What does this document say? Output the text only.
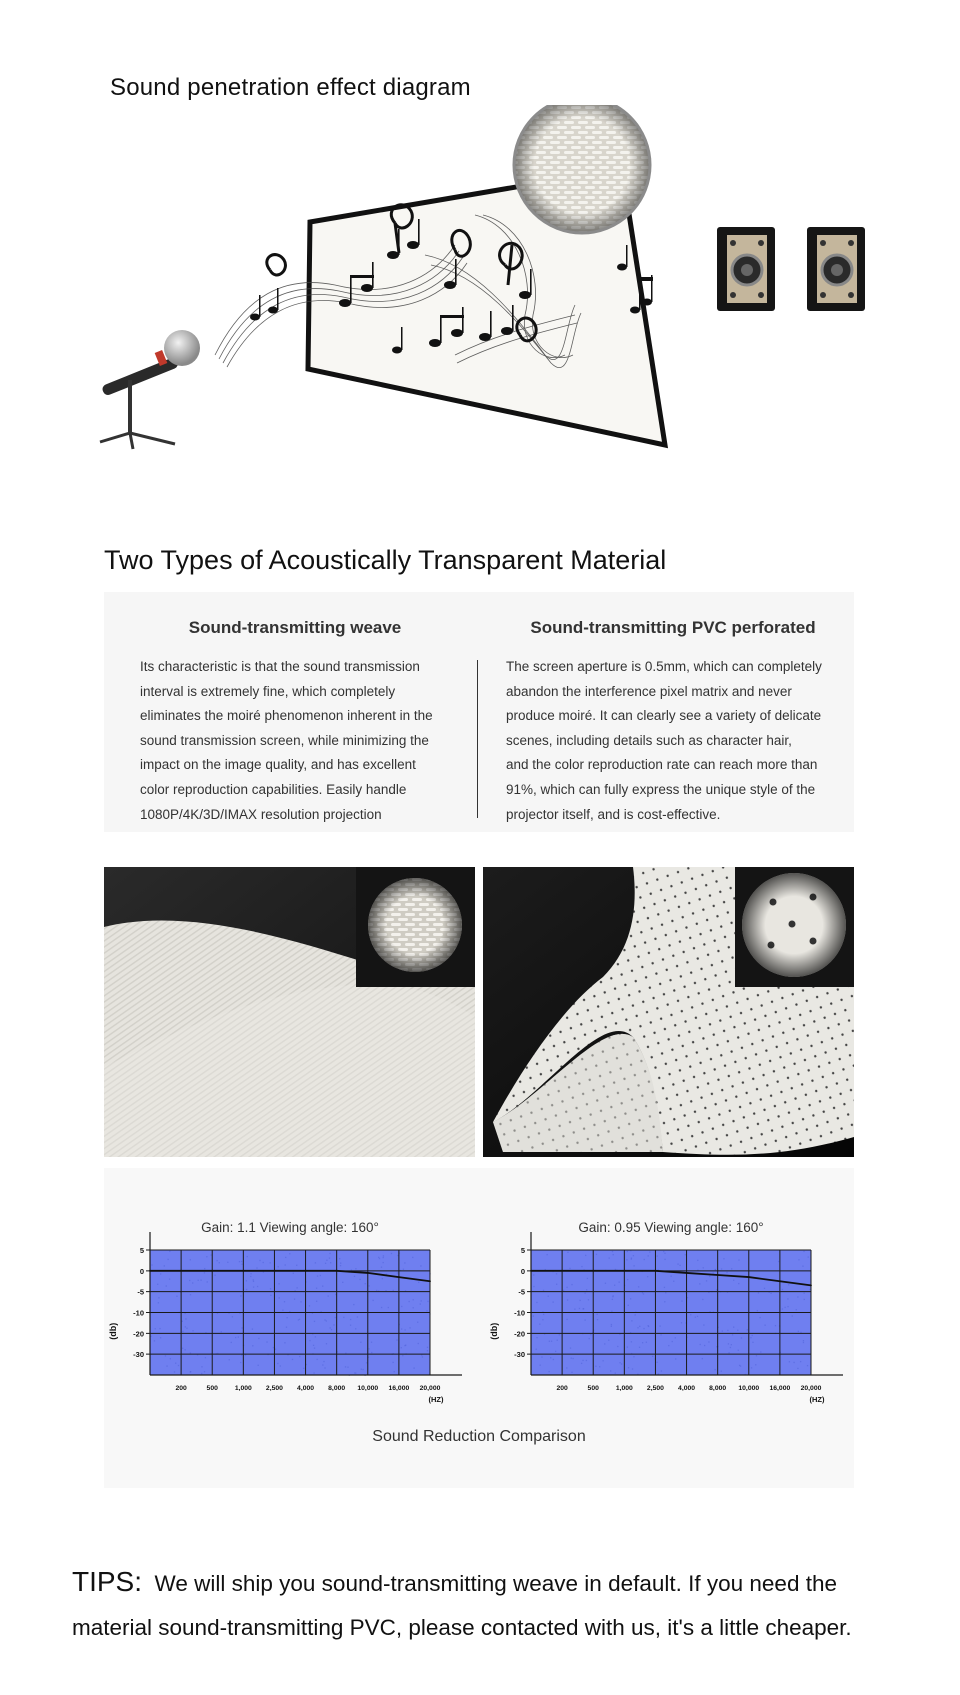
Sound penetration effect diagram
Two Types of Acoustically Transparent Material
Sound-transmitting weave
Its characteristic is that the sound transmission
interval is extremely fine, which completely
eliminates the moiré phenomenon inherent in the
sound transmission screen, while minimizing the
impact on the image quality, and has excellent
color reproduction capabilities. Easily handle
1080P/4K/3D/IMAX resolution projection
Sound-transmitting PVC perforated
The screen aperture is 0.5mm, which can completely
abandon the interference pixel matrix and never
produce moiré. It can clearly see a variety of delicate
scenes, including details such as character hair,
and the color reproduction rate can reach more than
91%, which can fully express the unique style of the
projector itself, and is cost-effective.
Gain: 1.1 Viewing angle: 160°
5
0
-5
-10
-20
-30
200	500 1,000 2,500 4,000 8,000 10,000 16,000 20,000
(HZ)
(db)
Gain: 0.95 Viewing angle: 160°
5
0
-5
-10
-20
-30
200	500 1,000 2,500 4,000 8,000 10,000 16,000 20,000
(HZ)
(db)
Sound Reduction Comparison
TIPS: We will ship you sound-transmitting weave in default. If you need the material sound-transmitting PVC, please contacted with us, it's a little cheaper.
